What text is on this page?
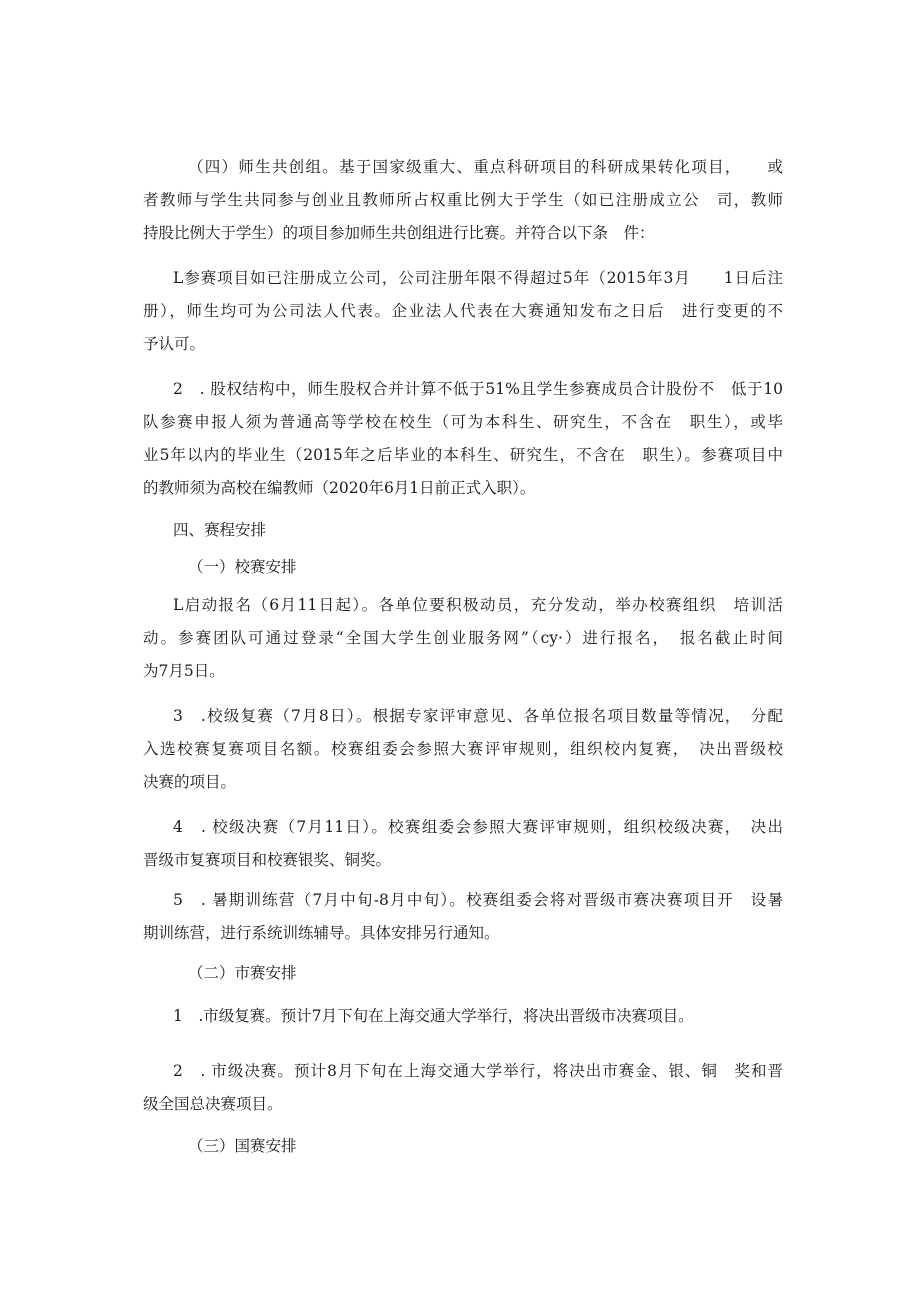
（四）师生共创组。基于国家级重大、重点科研项目的科研成果转化项目，　　或
者教师与学生共同参与创业且教师所占权重比例大于学生（如已注册成立公　司，教师
持股比例大于学生）的项目参加师生共创组进行比赛。并符合以下条　件：
L参赛项目如已注册成立公司，公司注册年限不得超过5年（2015年3月　　1日后注
册），师生均可为公司法人代表。企业法人代表在大赛通知发布之日后　进行变更的不
予认可。
2　. 股权结构中，师生股权合并计算不低于51%且学生参赛成员合计股份不　低于10
队参赛申报人须为普通高等学校在校生（可为本科生、研究生，不含在　职生），或毕
业5年以内的毕业生（2015年之后毕业的本科生、研究生，不含在　职生）。参赛项目中
的教师须为高校在编教师（2020年6月1日前正式入职）。
四、赛程安排
（一）校赛安排
L启动报名（6月11日起）。各单位要积极动员，充分发动，举办校赛组织　培训活
动。参赛团队可通过登录“全国大学生创业服务网”（cy·）进行报名，　报名截止时间
为7月5日。
3　.校级复赛（7月8日）。根据专家评审意见、各单位报名项目数量等情况，　分配
入选校赛复赛项目名额。校赛组委会参照大赛评审规则，组织校内复赛，　决出晋级校
决赛的项目。
4　. 校级决赛（7月11日）。校赛组委会参照大赛评审规则，组织校级决赛，　决出
晋级市复赛项目和校赛银奖、铜奖。
5　. 暑期训练营（7月中旬-8月中旬）。校赛组委会将对晋级市赛决赛项目开　设暑
期训练营，进行系统训练辅导。具体安排另行通知。
（二）市赛安排
1　.市级复赛。预计7月下旬在上海交通大学举行，将决出晋级市决赛项目。
2　. 市级决赛。预计8月下旬在上海交通大学举行，将决出市赛金、银、铜　奖和晋
级全国总决赛项目。
（三）国赛安排
